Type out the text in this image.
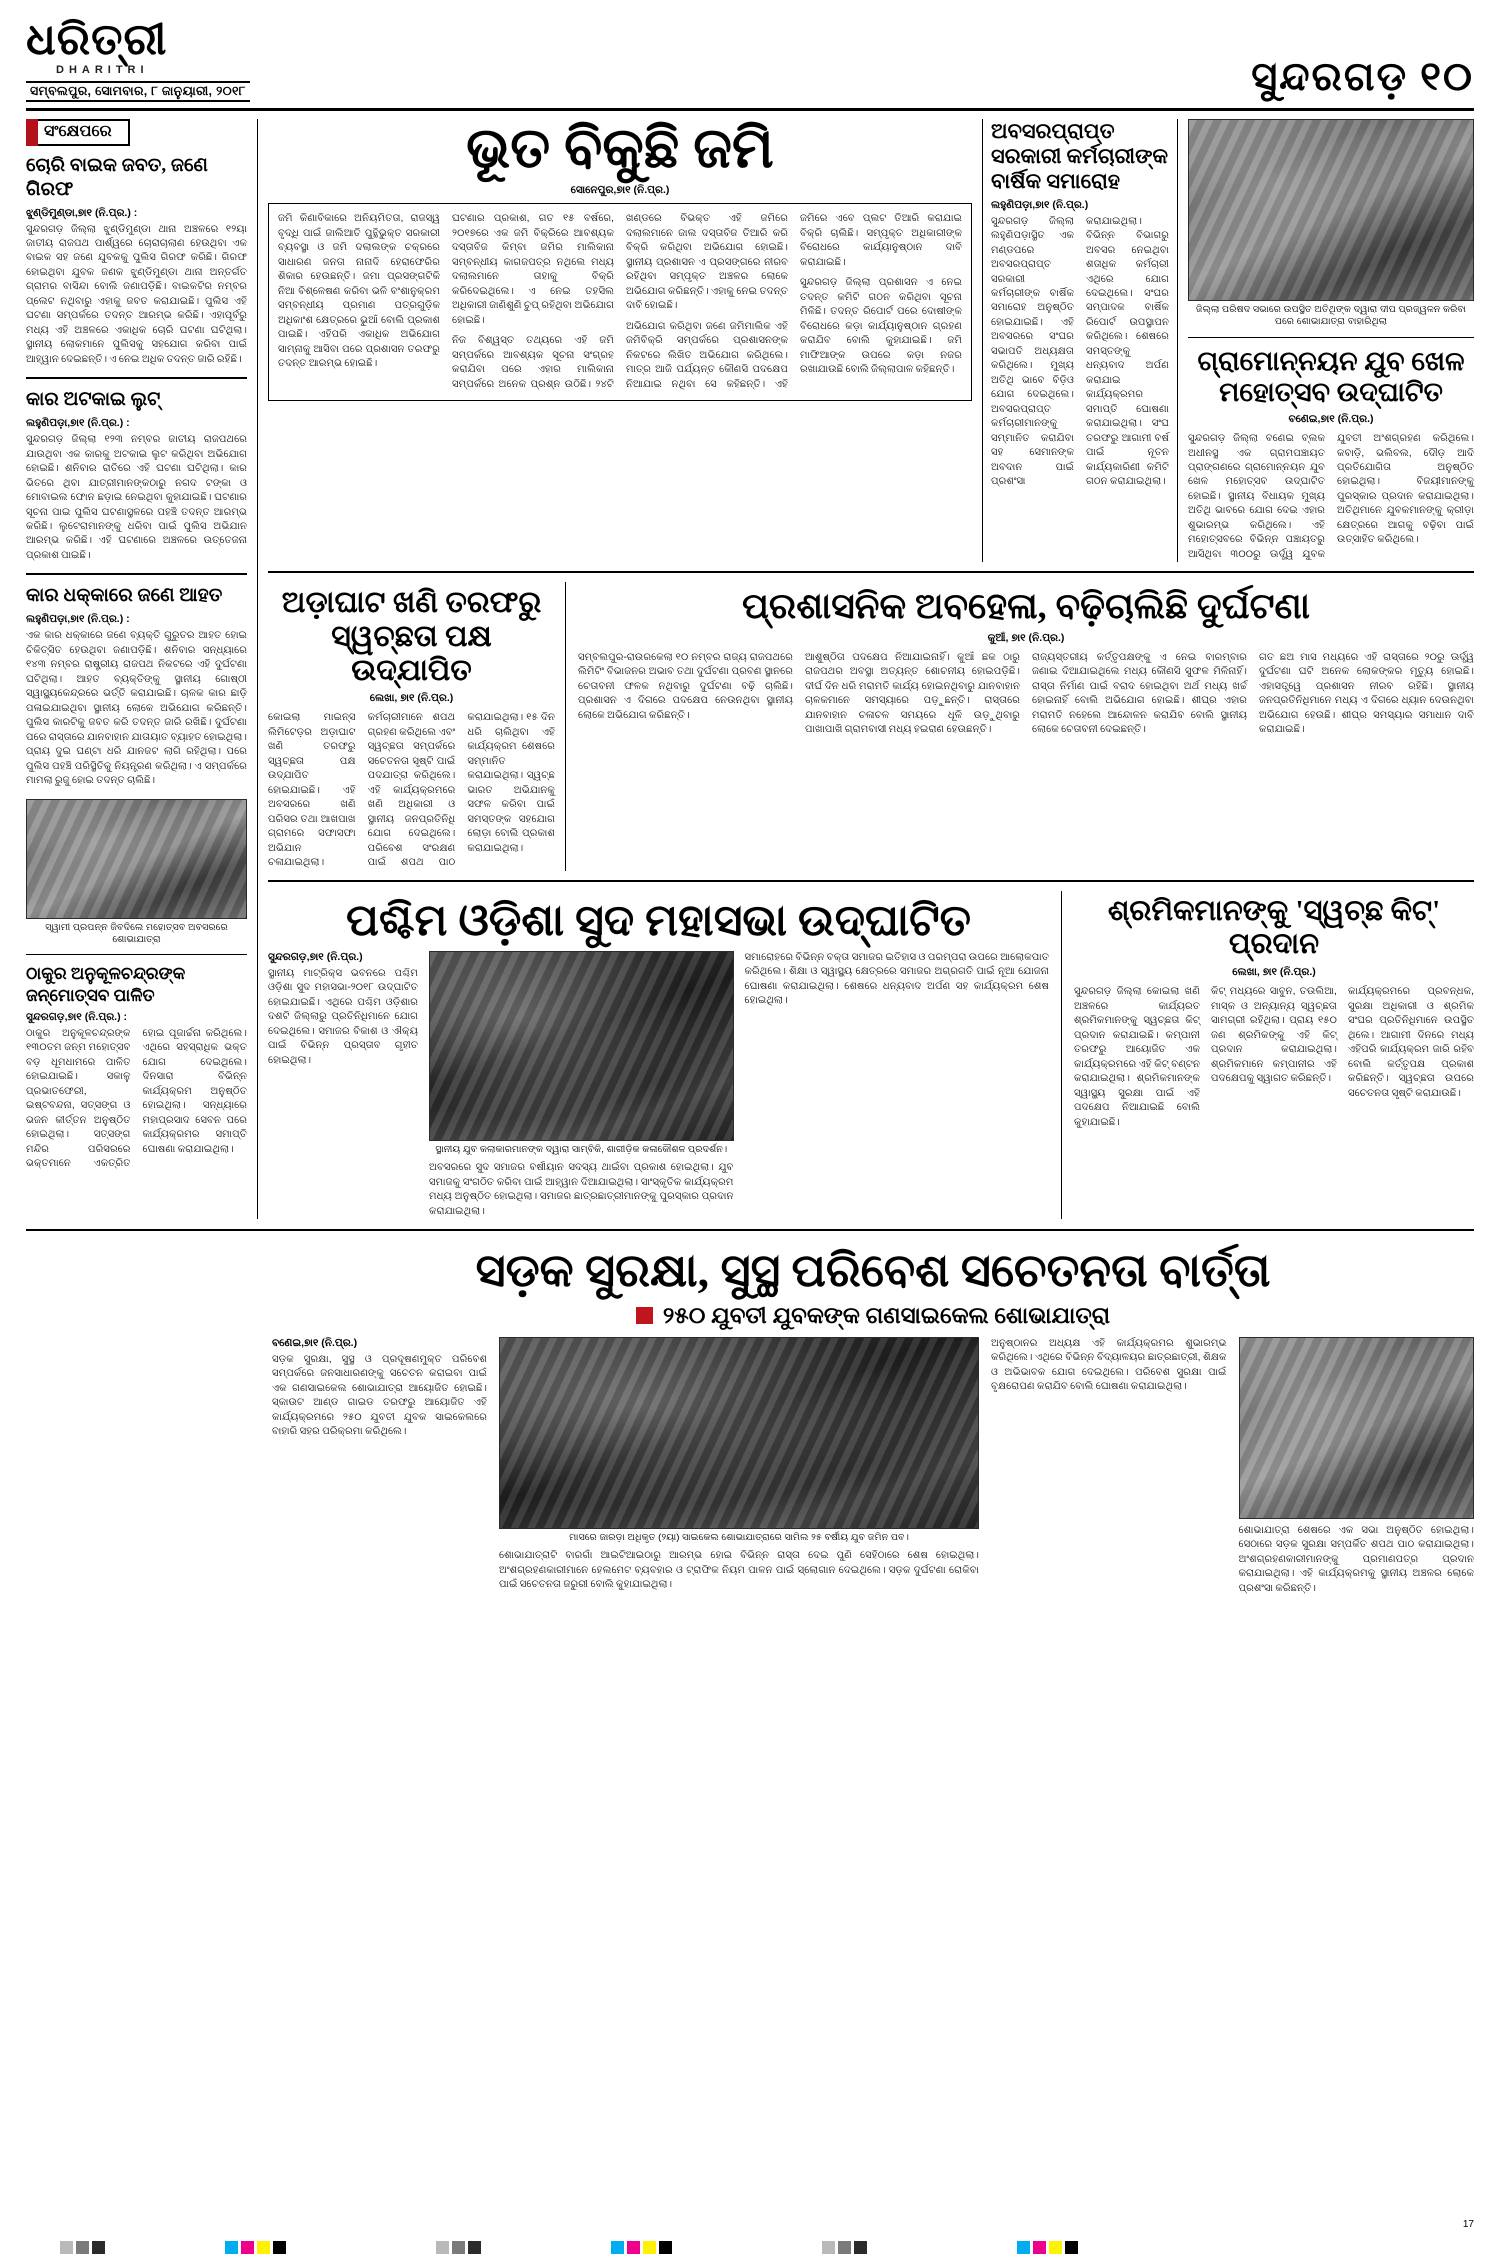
ଧରିତ୍ରୀ
DHARITRI
ସମ୍ବଲପୁର, ସୋମବାର, ୮ ଜାନୁୟାରୀ, ୨୦୧୮	ସୁନ୍ଦରଗଡ଼ ୧୦
ସଂକ୍ଷେପରେ
ଚୋରି ବାଇକ ଜବତ, ଜଣେ ଗିରଫ
ଝୁଣ୍ଡିମୁଣ୍ଡା,୭ା୧ (ନି.ପ୍ର.) :
ସୁନ୍ଦରଗଡ଼ ଜିଲ୍ଲା ଝୁଣ୍ଡିମୁଣ୍ଡା ଥାନା ଅଞ୍ଚଳରେ ୧୨ୟା ଜାତୀୟ ରାଜପଥ ପାର୍ଶ୍ୱରେ ଚୋରାଚାଲାଣ ହେଉଥିବା ଏକ ବାଇକ ସହ ଜଣେ ଯୁବକକୁ ପୁଲିସ ଗିରଫ କରିଛି। ଗିରଫ ହୋଇଥିବା ଯୁବକ ଜଣକ ଝୁଣ୍ଡିମୁଣ୍ଡା ଥାନା ଅନ୍ତର୍ଗତ ଗ୍ରାମର ବାସିନ୍ଦା ବୋଲି ଜଣାପଡ଼ିଛି। ବାଇକଟିର ନମ୍ବର ପ୍ଲେଟ ନଥିବାରୁ ଏହାକୁ ଜବତ କରାଯାଇଛି। ପୁଲିସ ଏହି ଘଟଣା ସମ୍ପର୍କରେ ତଦନ୍ତ ଆରମ୍ଭ କରିଛି। ଏହାପୂର୍ବରୁ ମଧ୍ୟ ଏହି ଅଞ୍ଚଳରେ ଏକାଧିକ ଚୋରି ଘଟଣା ଘଟିଥିଲା। ସ୍ଥାନୀୟ ଲୋକମାନେ ପୁଲିସକୁ ସହଯୋଗ କରିବା ପାଇଁ ଆହ୍ୱାନ ଦେଇଛନ୍ତି। ଏ ନେଇ ଅଧିକ ତଦନ୍ତ ଜାରି ରହିଛି।
କାର ଅଟକାଇ ଲୁଟ୍
ଲହୁଣିପଡ଼ା,୭ା୧ (ନି.ପ୍ର.) :
ସୁନ୍ଦରଗଡ଼ ଜିଲ୍ଲା ୧୨୩ ନମ୍ବର ଜାତୀୟ ରାଜପଥରେ ଯାଉଥିବା ଏକ କାରକୁ ଅଟକାଇ ଲୁଟ କରିଥିବା ଅଭିଯୋଗ ହୋଇଛି। ଶନିବାର ରାତିରେ ଏହି ଘଟଣା ଘଟିଥିଲା। କାର ଭିତରେ ଥିବା ଯାତ୍ରୀମାନଙ୍କଠାରୁ ନଗଦ ଟଙ୍କା ଓ ମୋବାଇଲ ଫୋନ ଛଡ଼ାଇ ନେଇଥିବା କୁହାଯାଇଛି। ଘଟଣାର ସୂଚନା ପାଇ ପୁଲିସ ଘଟଣାସ୍ଥଳରେ ପହଞ୍ଚି ତଦନ୍ତ ଆରମ୍ଭ କରିଛି। ଲୁଟେରାମାନଙ୍କୁ ଧରିବା ପାଇଁ ପୁଲିସ ଅଭିଯାନ ଆରମ୍ଭ କରିଛି। ଏହି ଘଟଣାରେ ଅଞ୍ଚଳରେ ଉତ୍ତେଜନା ପ୍ରକାଶ ପାଇଛି।
କାର ଧକ୍କାରେ ଜଣେ ଆହତ
ଲହୁଣିପଡ଼ା,୭ା୧ (ନି.ପ୍ର.) :
ଏକ କାର ଧକ୍କାରେ ଜଣେ ବ୍ୟକ୍ତି ଗୁରୁତର ଆହତ ହୋଇ ଚିକିତ୍ସିତ ହେଉଥିବା ଜଣାପଡ଼ିଛି। ଶନିବାର ସନ୍ଧ୍ୟାରେ ୧୪୩ ନମ୍ବର ରାଷ୍ଟ୍ରୀୟ ରାଜପଥ ନିକଟରେ ଏହି ଦୁର୍ଘଟଣା ଘଟିଥିଲା। ଆହତ ବ୍ୟକ୍ତିଙ୍କୁ ସ୍ଥାନୀୟ ଗୋଷ୍ଠୀ ସ୍ୱାସ୍ଥ୍ୟକେନ୍ଦ୍ରରେ ଭର୍ତ୍ତି କରାଯାଇଛି। ଚାଳକ କାର ଛାଡ଼ି ପଳାଇଯାଇଥିବା ସ୍ଥାନୀୟ ଲୋକେ ଅଭିଯୋଗ କରିଛନ୍ତି। ପୁଲିସ କାରଟିକୁ ଜବତ କରି ତଦନ୍ତ ଜାରି ରଖିଛି। ଦୁର୍ଘଟଣା ପରେ ରାସ୍ତାରେ ଯାନବାହାନ ଯାତାୟାତ ବ୍ୟାହତ ହୋଇଥିଲା। ପ୍ରାୟ ଦୁଇ ଘଣ୍ଟା ଧରି ଯାନଜଟ ଲାଗି ରହିଥିଲା। ପରେ ପୁଲିସ ପହଞ୍ଚି ପରିସ୍ଥିତିକୁ ନିୟନ୍ତ୍ରଣ କରିଥିଲା। ଏ ସମ୍ପର୍କରେ ମାମଲା ରୁଜୁ ହୋଇ ତଦନ୍ତ ଚାଲିଛି।
ସ୍ୱାମୀ ପ୍ରପନ୍ନ ଜିବଦିଲେ ମହୋତ୍ସବ ଅବସରରେ ଶୋଭାଯାତ୍ରା
ଠାକୁର ଅନୁକୂଳଚନ୍ଦ୍ରଙ୍କ ଜନ୍ମୋତ୍ସବ ପାଳିତ
ସୁନ୍ଦରଗଡ଼,୭ା୧ (ନି.ପ୍ର.) :
ଠାକୁର ଅନୁକୂଳଚନ୍ଦ୍ରଙ୍କ ୧୩୦ତମ ଜନ୍ମ ମହୋତ୍ସବ ବଡ଼ ଧୂମଧାମରେ ପାଳିତ ହୋଇଯାଇଛି। ସକାଳୁ ପ୍ରଭାତଫେରୀ, ଇଷ୍ଟବନ୍ଦନା, ସତ୍ସଙ୍ଗ ଓ ଭଜନ କୀର୍ତ୍ତନ ଅନୁଷ୍ଠିତ ହୋଇଥିଲା। ସତ୍ସଙ୍ଗ ମନ୍ଦିର ପରିସରରେ ଭକ୍ତମାନେ ଏକତ୍ରିତ ହୋଇ ପୂଜାର୍ଚ୍ଚନା କରିଥିଲେ। ଏଥିରେ ସହସ୍ରାଧିକ ଭକ୍ତ ଯୋଗ ଦେଇଥିଲେ। ଦିନସାରା ବିଭିନ୍ନ କାର୍ଯ୍ୟକ୍ରମ ଅନୁଷ୍ଠିତ ହୋଇଥିଲା। ସନ୍ଧ୍ୟାରେ ମହାପ୍ରସାଦ ସେବନ ପରେ କାର୍ଯ୍ୟକ୍ରମର ସମାପ୍ତି ଘୋଷଣା କରାଯାଇଥିଲା।
ଭୂତ ବିକୁଛି ଜମି
ସୋନେପୁର,୭ା୧ (ନି.ପ୍ର.)

ଜମି କିଣାବିକାରେ ଅନିୟମିତତା, ରାଜସ୍ୱ ବୃଦ୍ଧି ପାଇଁ ଜାଲିଆତି ପୁନ୍ଥିଭୁକ୍ତ ସରକାରୀ ବ୍ୟବସ୍ଥା ଓ ଜମି ଦଲାଲଙ୍କ ଚକ୍ରରେ ସାଧାରଣ ଜନତା ନାନାଦି ହେରାଫେରିର ଶିକାର ହେଉଛନ୍ତି। ଜମା ପ୍ରସଙ୍ଗଟିକି ନିଆ ବିଶ୍ଳେଷଣ କରିବା ଭଳି ବଂଶାନୁକ୍ରମ ସମ୍ବନ୍ଧୀୟ ପ୍ରମାଣ ପତ୍ରଗୁଡ଼ିକ ଅଧିକାଂଶ କ୍ଷେତ୍ରରେ ଭୁଆଁ ବୋଲି ପ୍ରକାଶ ପାଇଛି। ଏହିପରି ଏକାଧିକ ଅଭିଯୋଗ ସାମ୍ନାକୁ ଆସିବା ପରେ ପ୍ରଶାସନ ତରଫରୁ ତଦନ୍ତ ଆରମ୍ଭ ହୋଇଛି।

ଘଟଣାର ପ୍ରକାଶ, ଗତ ୧୫ ବର୍ଷରେ, ୨୦୧୭ରେ ଏକ ଜମି ବିକ୍ରିରେ ଆବଶ୍ୟକ ଦସ୍ତାବିଜ କିମ୍ବା ଜମିର ମାଲିକାନା ସମ୍ବନ୍ଧୀୟ କାଗଜପତ୍ର ନଥିଲେ ମଧ୍ୟ ଦଲାଲମାନେ ତାହାକୁ ବିକ୍ରି କରିଦେଇଥିଲେ। ଏ ନେଇ ତହସିଲ ଅଧିକାରୀ ଜାଣିଶୁଣି ଚୁପ୍ ରହିଥିବା ଅଭିଯୋଗ ହୋଇଛି।

ନିଜ ବିଶ୍ୱସ୍ତ ତଥ୍ୟରେ ଏହି ଜମି ସମ୍ପର୍କରେ ଆବଶ୍ୟକ ସୂଚନା ସଂଗ୍ରହ କରାଯିବା ପରେ ଏହାର ମାଲିକାନା ସମ୍ପର୍କରେ ଅନେକ ପ୍ରଶ୍ନ ଉଠିଛି। ୨୪ଟି ଖଣ୍ଡରେ ବିଭକ୍ତ ଏହି ଜମିରେ ଦଲାଲମାନେ ଜାଲ ଦସ୍ତାବିଜ ତିଆରି କରି ବିକ୍ରି କରିଥିବା ଅଭିଯୋଗ ହୋଇଛି। ସ୍ଥାନୀୟ ପ୍ରଶାସନ ଏ ପ୍ରସଙ୍ଗରେ ନୀରବ ରହିଥିବା ସମ୍ପୃକ୍ତ ଅଞ୍ଚଳର ଲୋକେ ଅଭିଯୋଗ କରିଛନ୍ତି। ଏହାକୁ ନେଇ ତଦନ୍ତ ଦାବି ହୋଇଛି।

ଅଭିଯୋଗ କରିଥିବା ଜଣେ ଜମିମାଲିକ ଏହି ଜମିବିକ୍ରି ସମ୍ପର୍କରେ ପ୍ରଶାସନଙ୍କ ନିକଟରେ ଲିଖିତ ଅଭିଯୋଗ କରିଥିଲେ। ମାତ୍ର ଆଜି ପର୍ଯ୍ୟନ୍ତ କୌଣସି ପଦକ୍ଷେପ ନିଆଯାଇ ନଥିବା ସେ କହିଛନ୍ତି। ଏହି ଜମିରେ ଏବେ ପ୍ଲଟ ତିଆରି କରାଯାଇ ବିକ୍ରି ଚାଲିଛି। ସମ୍ପୃକ୍ତ ଅଧିକାରୀଙ୍କ ବିରୋଧରେ କାର୍ଯ୍ୟାନୁଷ୍ଠାନ ଦାବି କରାଯାଇଛି।

ସୁନ୍ଦରଗଡ଼ ଜିଲ୍ଲା ପ୍ରଶାସନ ଏ ନେଇ ତଦନ୍ତ କମିଟି ଗଠନ କରିଥିବା ସୂଚନା ମିଳିଛି। ତଦନ୍ତ ରିପୋର୍ଟ ପରେ ଦୋଷୀଙ୍କ ବିରୋଧରେ କଡ଼ା କାର୍ଯ୍ୟାନୁଷ୍ଠାନ ଗ୍ରହଣ କରାଯିବ ବୋଲି କୁହାଯାଇଛି। ଜମି ମାଫିଆଙ୍କ ଉପରେ କଡ଼ା ନଜର ରଖାଯାଉଛି ବୋଲି ଜିଲ୍ଲାପାଳ କହିଛନ୍ତି।

ଅବସରପ୍ରାପ୍ତ ସରକାରୀ କର୍ମଚାରୀଙ୍କ ବାର୍ଷିକ ସମାରୋହ
ଲହୁଣିପଡ଼ା,୭ା୧ (ନି.ପ୍ର.)
ସୁନ୍ଦରଗଡ଼ ଜିଲ୍ଲା ଲହୁଣିପଡ଼ାସ୍ଥିତ ଏକ ମଣ୍ଡପରେ ଅବସରପ୍ରାପ୍ତ ସରକାରୀ କର୍ମଚାରୀଙ୍କ ବାର୍ଷିକ ସମାରୋହ ଅନୁଷ୍ଠିତ ହୋଇଯାଇଛି। ଏହି ଅବସରରେ ସଂଘର ସଭାପତି ଅଧ୍ୟକ୍ଷତା କରିଥିଲେ। ମୁଖ୍ୟ ଅତିଥି ଭାବେ ବିଡ଼ିଓ ଯୋଗ ଦେଇଥିଲେ। ଅବସରପ୍ରାପ୍ତ କର୍ମଚାରୀମାନଙ୍କୁ ସମ୍ମାନିତ କରାଯିବା ସହ ସେମାନଙ୍କ ଅବଦାନ ପାଇଁ ପ୍ରଶଂସା କରାଯାଇଥିଲା। ବିଭିନ୍ନ ବିଭାଗରୁ ଅବସର ନେଇଥିବା ଶତାଧିକ କର୍ମଚାରୀ ଏଥିରେ ଯୋଗ ଦେଇଥିଲେ। ସଂଘର ସମ୍ପାଦକ ବାର୍ଷିକ ରିପୋର୍ଟ ଉପସ୍ଥାପନ କରିଥିଲେ। ଶେଷରେ ସମସ୍ତଙ୍କୁ ଧନ୍ୟବାଦ ଅର୍ପଣ କରାଯାଇ କାର୍ଯ୍ୟକ୍ରମର ସମାପ୍ତି ଘୋଷଣା କରାଯାଇଥିଲା। ସଂଘ ତରଫରୁ ଆଗାମୀ ବର୍ଷ ପାଇଁ ନୂତନ କାର୍ଯ୍ୟକାରିଣୀ କମିଟି ଗଠନ କରାଯାଇଥିଲା।
ଜିଲ୍ଲା ପରିଷଦ ସଭାରେ ଉପସ୍ଥିତ ଅତିଥିଙ୍କ ଦ୍ୱାରା ଦୀପ ପ୍ରଜ୍ୱଳନ କରିବା ପରେ ଶୋଭାଯାତ୍ରା ବାହାରିଥିଲା
ଗ୍ରାମୋନ୍ନୟନ ଯୁବ ଖେଳ ମହୋତ୍ସବ ଉଦ୍‌ଘାଟିତ
ବଣେଇ,୭ା୧ (ନି.ପ୍ର.)
ସୁନ୍ଦରଗଡ଼ ଜିଲ୍ଲା ବଣେଇ ବ୍ଲକ ଅଧୀନସ୍ଥ ଏକ ଗ୍ରାମପଞ୍ଚାୟତ ପ୍ରାଙ୍ଗଣରେ ଗ୍ରାମୋନ୍ନୟନ ଯୁବ ଖେଳ ମହୋତ୍ସବ ଉଦ୍‌ଘାଟିତ ହୋଇଛି। ସ୍ଥାନୀୟ ବିଧାୟକ ମୁଖ୍ୟ ଅତିଥି ଭାବରେ ଯୋଗ ଦେଇ ଏହାର ଶୁଭାରମ୍ଭ କରିଥିଲେ। ଏହି ମହୋତ୍ସବରେ ବିଭିନ୍ନ ପଞ୍ଚାୟତରୁ ଆସିଥିବା ୩୦୦ରୁ ଊର୍ଦ୍ଧ୍ୱ ଯୁବକ ଯୁବତୀ ଅଂଶଗ୍ରହଣ କରିଥିଲେ। କବାଡ଼ି, ଭଲିବଲ, ଦୌଡ଼ ଆଦି ପ୍ରତିଯୋଗିତା ଅନୁଷ୍ଠିତ ହୋଇଥିଲା। ବିଜୟୀମାନଙ୍କୁ ପୁରସ୍କାର ପ୍ରଦାନ କରାଯାଇଥିଲା। ଅତିଥିମାନେ ଯୁବକମାନଙ୍କୁ କ୍ରୀଡ଼ା କ୍ଷେତ୍ରରେ ଆଗକୁ ବଢ଼ିବା ପାଇଁ ଉତ୍ସାହିତ କରିଥିଲେ।
ଅଡ଼ାଘାଟ ଖଣି ତରଫରୁ ସ୍ୱଚ୍ଛତା ପକ୍ଷ ଉଦ୍ଯାପିତ
ଲେଖା, ୭ା୧ (ନି.ପ୍ର.)
କୋଇଲା ମାଇନ୍ସ ଲିମିଟେଡ଼ର ଅଡ଼ାଘାଟ ଖଣି ତରଫରୁ ସ୍ୱଚ୍ଛତା ପକ୍ଷ ଉଦ୍ଯାପିତ ହୋଇଯାଇଛି। ଏହି ଅବସରରେ ଖଣି ପରିସର ତଥା ଆଖପାଖ ଗ୍ରାମରେ ସଫାସଫା ଅଭିଯାନ ଚଳାଯାଇଥିଲା। କର୍ମଚାରୀମାନେ ଶପଥ ଗ୍ରହଣ କରିଥିଲେ ଏବଂ ସ୍ୱଚ୍ଛତା ସମ୍ପର୍କରେ ସଚେତନତା ସୃଷ୍ଟି ପାଇଁ ପଦଯାତ୍ରା କରିଥିଲେ। ଏହି କାର୍ଯ୍ୟକ୍ରମରେ ଖଣି ଅଧିକାରୀ ଓ ସ୍ଥାନୀୟ ଜନପ୍ରତିନିଧି ଯୋଗ ଦେଇଥିଲେ। ପରିବେଶ ସଂରକ୍ଷଣ ପାଇଁ ଶପଥ ପାଠ କରାଯାଇଥିଲା। ୧୫ ଦିନ ଧରି ଚାଲିଥିବା ଏହି କାର୍ଯ୍ୟକ୍ରମ ଶେଷରେ ସମ୍ମାନିତ କରାଯାଇଥିଲା। ସ୍ୱଚ୍ଛ ଭାରତ ଅଭିଯାନକୁ ସଫଳ କରିବା ପାଇଁ ସମସ୍ତଙ୍କ ସହଯୋଗ ଲୋଡ଼ା ବୋଲି ପ୍ରକାଶ କରାଯାଇଥିଲା।
ପ୍ରଶାସନିକ ଅବହେଳା, ବଢ଼ିଚାଲିଛି ଦୁର୍ଘଟଣା
କୁଆଁ, ୭ା୧ (ନି.ପ୍ର.)

ସମ୍ବଲପୁର-ରାଉରକେଲା ୧୦ ନମ୍ବର ରାଜ୍ୟ ରାଜପଥରେ ଲିମିଟିଂ ବିଭାଜନର ଅଭାବ ତଥା ଦୁର୍ଘଟଣା ପ୍ରବଣ ସ୍ଥାନରେ ଚେତାବନୀ ଫଳକ ନଥିବାରୁ ଦୁର୍ଘଟଣା ବଢ଼ି ଚାଲିଛି। ପ୍ରଶାସନ ଏ ଦିଗରେ ପଦକ୍ଷେପ ନେଉନଥିବା ସ୍ଥାନୀୟ ଲୋକେ ଅଭିଯୋଗ କରିଛନ୍ତି।

ଆଶୁଷ୍ଠିତା ପଦକ୍ଷେପ ନିଆଯାଇନାହିଁ। କୁଆଁ ଛକ ଠାରୁ ରାଜପଥର ଅବସ୍ଥା ଅତ୍ୟନ୍ତ ଶୋଚନୀୟ ହୋଇପଡ଼ିଛି। ଦୀର୍ଘ ଦିନ ଧରି ମରାମତି କାର୍ଯ୍ୟ ହୋଇନଥିବାରୁ ଯାନବାହାନ ଚାଳକମାନେ ସମସ୍ୟାରେ ପଡ଼ୁଛନ୍ତି। ରାସ୍ତାରେ ଯାନବାହାନ ଚଳାଚଳ ସମୟରେ ଧୂଳି ଉଡ଼ୁଥିବାରୁ ପାଖାପାଖି ଗ୍ରାମବାସୀ ମଧ୍ୟ ହଇରାଣ ହେଉଛନ୍ତି।

ରାଜ୍ୟସ୍ତରୀୟ କର୍ତ୍ତୃପକ୍ଷଙ୍କୁ ଏ ନେଇ ବାରମ୍ବାର ଜଣାଇ ଦିଆଯାଇଥିଲେ ମଧ୍ୟ କୌଣସି ସୁଫଳ ମିଳିନାହିଁ। ରାସ୍ତା ନିର୍ମାଣ ପାଇଁ ବରାଦ ହୋଇଥିବା ଅର୍ଥ ମଧ୍ୟ ଖର୍ଚ୍ଚ ହୋଇନାହିଁ ବୋଲି ଅଭିଯୋଗ ହୋଇଛି। ଶୀଘ୍ର ଏହାର ମରାମତି ନହେଲେ ଆନ୍ଦୋଳନ କରାଯିବ ବୋଲି ସ୍ଥାନୀୟ ଲୋକେ ଚେତାବନୀ ଦେଇଛନ୍ତି।

ଗତ ଛଅ ମାସ ମଧ୍ୟରେ ଏହି ରାସ୍ତାରେ ୨୦ରୁ ଊର୍ଦ୍ଧ୍ୱ ଦୁର୍ଘଟଣା ଘଟି ଅନେକ ଲୋକଙ୍କର ମୃତ୍ୟୁ ହୋଇଛି। ଏହାସତ୍ତ୍ୱେ ପ୍ରଶାସନ ନୀରବ ରହିଛି। ସ୍ଥାନୀୟ ଜନପ୍ରତିନିଧିମାନେ ମଧ୍ୟ ଏ ଦିଗରେ ଧ୍ୟାନ ଦେଉନଥିବା ଅଭିଯୋଗ ହେଉଛି। ଶୀଘ୍ର ସମସ୍ୟାର ସମାଧାନ ଦାବି କରାଯାଇଛି।

ପଶ୍ଚିମ ଓଡ଼ିଶା ସୁଦ ମହାସଭା ଉଦ୍‌ଘାଟିତ
ସୁନ୍ଦରଗଡ଼,୭ା୧ (ନି.ପ୍ର.)
ସ୍ଥାନୀୟ ମାଟ୍ରିକ୍ସ ଭବନରେ ପଶ୍ଚିମ ଓଡ଼ିଶା ସୁଦ ମହାସଭା-୨୦୧୮ ଉଦ୍‌ଘାଟିତ ହୋଇଯାଇଛି। ଏଥିରେ ପଶ୍ଚିମ ଓଡ଼ିଶାର ଦଶଟି ଜିଲ୍ଲାରୁ ପ୍ରତିନିଧିମାନେ ଯୋଗ ଦେଇଥିଲେ। ସମାଜର ବିକାଶ ଓ ଐକ୍ୟ ପାଇଁ ବିଭିନ୍ନ ପ୍ରସ୍ତାବ ଗୃହୀତ ହୋଇଥିଲା।
ସ୍ଥାନୀୟ ଯୁବ କଲାକାରମାନଙ୍କ ଦ୍ୱାରା ସାମ୍ବିକି, ଶାଗୀଡ଼ିକ କଳାକୌଶଳ ପ୍ରଦର୍ଶନ।
ଅବସରରେ ସୁଦ ସମାଜର ବର୍ଷୀୟାନ ସଦସ୍ୟ ଥାଇଁବା ପ୍ରକାଶ ହୋଇଥିଲା। ଯୁବ ସମାଜକୁ ସଂଗଠିତ କରିବା ପାଇଁ ଆହ୍ୱାନ ଦିଆଯାଇଥିଲା। ସାଂସ୍କୃତିକ କାର୍ଯ୍ୟକ୍ରମ ମଧ୍ୟ ଅନୁଷ୍ଠିତ ହୋଇଥିଲା। ସମାଜର ଛାତ୍ରଛାତ୍ରୀମାନଙ୍କୁ ପୁରସ୍କାର ପ୍ରଦାନ କରାଯାଇଥିଲା।
ସମାରୋହରେ ବିଭିନ୍ନ ବକ୍ତା ସମାଜର ଇତିହାସ ଓ ପରମ୍ପରା ଉପରେ ଆଲୋକପାତ କରିଥିଲେ। ଶିକ୍ଷା ଓ ସ୍ୱାସ୍ଥ୍ୟ କ୍ଷେତ୍ରରେ ସମାଜର ଅଗ୍ରଗତି ପାଇଁ ନୂଆ ଯୋଜନା ଘୋଷଣା କରାଯାଇଥିଲା। ଶେଷରେ ଧନ୍ୟବାଦ ଅର୍ପଣ ସହ କାର୍ଯ୍ୟକ୍ରମ ଶେଷ ହୋଇଥିଲା।
ଶ୍ରମିକମାନଙ୍କୁ 'ସ୍ୱଚ୍ଛ କିଟ୍' ପ୍ରଦାନ
ଲେଖା, ୭ା୧ (ନି.ପ୍ର.)
ସୁନ୍ଦରଗଡ଼ ଜିଲ୍ଲା କୋଇଲା ଖଣି ଅଞ୍ଚଳରେ କାର୍ଯ୍ୟରତ ଶ୍ରମିକମାନଙ୍କୁ ସ୍ୱଚ୍ଛତା କିଟ୍ ପ୍ରଦାନ କରାଯାଇଛି। କମ୍ପାନୀ ତରଫରୁ ଆୟୋଜିତ ଏକ କାର୍ଯ୍ୟକ୍ରମରେ ଏହି କିଟ୍ ବଣ୍ଟନ କରାଯାଇଥିଲା। ଶ୍ରମିକମାନଙ୍କ ସ୍ୱାସ୍ଥ୍ୟ ସୁରକ୍ଷା ପାଇଁ ଏହି ପଦକ୍ଷେପ ନିଆଯାଇଛି ବୋଲି କୁହାଯାଇଛି।
କିଟ୍ ମଧ୍ୟରେ ସାବୁନ, ତଉଲିଆ, ମାସ୍କ ଓ ଅନ୍ୟାନ୍ୟ ସ୍ୱଚ୍ଛତା ସାମଗ୍ରୀ ରହିଥିଲା। ପ୍ରାୟ ୧୫୦ ଜଣ ଶ୍ରମିକଙ୍କୁ ଏହି କିଟ୍ ପ୍ରଦାନ କରାଯାଇଥିଲା। ଶ୍ରମିକମାନେ କମ୍ପାନୀର ଏହି ପଦକ୍ଷେପକୁ ସ୍ୱାଗତ କରିଛନ୍ତି।
କାର୍ଯ୍ୟକ୍ରମରେ ପ୍ରବନ୍ଧକ, ସୁରକ୍ଷା ଅଧିକାରୀ ଓ ଶ୍ରମିକ ସଂଘର ପ୍ରତିନିଧିମାନେ ଉପସ୍ଥିତ ଥିଲେ। ଆଗାମୀ ଦିନରେ ମଧ୍ୟ ଏହିପରି କାର୍ଯ୍ୟକ୍ରମ ଜାରି ରହିବ ବୋଲି କର୍ତ୍ତୃପକ୍ଷ ପ୍ରକାଶ କରିଛନ୍ତି। ସ୍ୱଚ୍ଛତା ଉପରେ ସଚେତନତା ସୃଷ୍ଟି କରାଯାଉଛି।
ସଡ଼କ ସୁରକ୍ଷା, ସୁସ୍ଥ ପରିବେଶ ସଚେତନତା ବାର୍ତ୍ତା
୨୫୦ ଯୁବତୀ ଯୁବକଙ୍କ ଗଣସାଇକେଲ ଶୋଭାଯାତ୍ରା
ବଣେଇ,୭ା୧ (ନି.ପ୍ର.)
ସଡ଼କ ସୁରକ୍ଷା, ସୁସ୍ଥ ଓ ପ୍ରଦୂଷଣମୁକ୍ତ ପରିବେଶ ସମ୍ପର୍କରେ ଜନସାଧାରଣଙ୍କୁ ସଚେତନ କରାଇବା ପାଇଁ ଏକ ଗଣସାଇକେଲ ଶୋଭାଯାତ୍ରା ଆୟୋଜିତ ହୋଇଛି। ସ୍କାଉଟ ଆଣ୍ଡ ଗାଇଡ ତରଫରୁ ଆୟୋଜିତ ଏହି କାର୍ଯ୍ୟକ୍ରମରେ ୨୫୦ ଯୁବତୀ ଯୁବକ ସାଇକେଲରେ ବାହାରି ସହର ପରିକ୍ରମା କରିଥିଲେ।
ମାସରେ ଜାରଡ଼ା ଅଧିକୃତ (୨ୟା) ସାଇକେଲ ଶୋଭାଯାତ୍ରାରେ ସାମିଲ ୨୫ ବର୍ଷୀୟ ଯୁବ ଜମିନ ପବ।
ଶୋଭାଯାତ୍ରାଟି ବାରଗାଁ ଆଇଟିଆଇଠାରୁ ଆରମ୍ଭ ହୋଇ ବିଭିନ୍ନ ରାସ୍ତା ଦେଇ ପୁଣି ସେହିଠାରେ ଶେଷ ହୋଇଥିଲା। ଅଂଶଗ୍ରହଣକାରୀମାନେ ହେଲମେଟ ବ୍ୟବହାର ଓ ଟ୍ରାଫିକ ନିୟମ ପାଳନ ପାଇଁ ସ୍ଲୋଗାନ ଦେଇଥିଲେ। ସଡ଼କ ଦୁର୍ଘଟଣା ରୋକିବା ପାଇଁ ସଚେତନତା ଜରୁରୀ ବୋଲି କୁହାଯାଇଥିଲା।
ଅନୁଷ୍ଠାନର ଅଧ୍ୟକ୍ଷ ଏହି କାର୍ଯ୍ୟକ୍ରମର ଶୁଭାରମ୍ଭ କରିଥିଲେ। ଏଥିରେ ବିଭିନ୍ନ ବିଦ୍ୟାଳୟର ଛାତ୍ରଛାତ୍ରୀ, ଶିକ୍ଷକ ଓ ଅଭିଭାବକ ଯୋଗ ଦେଇଥିଲେ। ପରିବେଶ ସୁରକ୍ଷା ପାଇଁ ବୃକ୍ଷରୋପଣ କରାଯିବ ବୋଲି ଘୋଷଣା କରାଯାଇଥିଲା।
ଶୋଭାଯାତ୍ରା ଶେଷରେ ଏକ ସଭା ଅନୁଷ୍ଠିତ ହୋଇଥିଲା। ସେଠାରେ ସଡ଼କ ସୁରକ୍ଷା ସମ୍ପର୍କିତ ଶପଥ ପାଠ କରାଯାଇଥିଲା। ଅଂଶଗ୍ରହଣକାରୀମାନଙ୍କୁ ପ୍ରମାଣପତ୍ର ପ୍ରଦାନ କରାଯାଇଥିଲା। ଏହି କାର୍ଯ୍ୟକ୍ରମକୁ ସ୍ଥାନୀୟ ଅଞ୍ଚଳର ଲୋକେ ପ୍ରଶଂସା କରିଛନ୍ତି।
17
